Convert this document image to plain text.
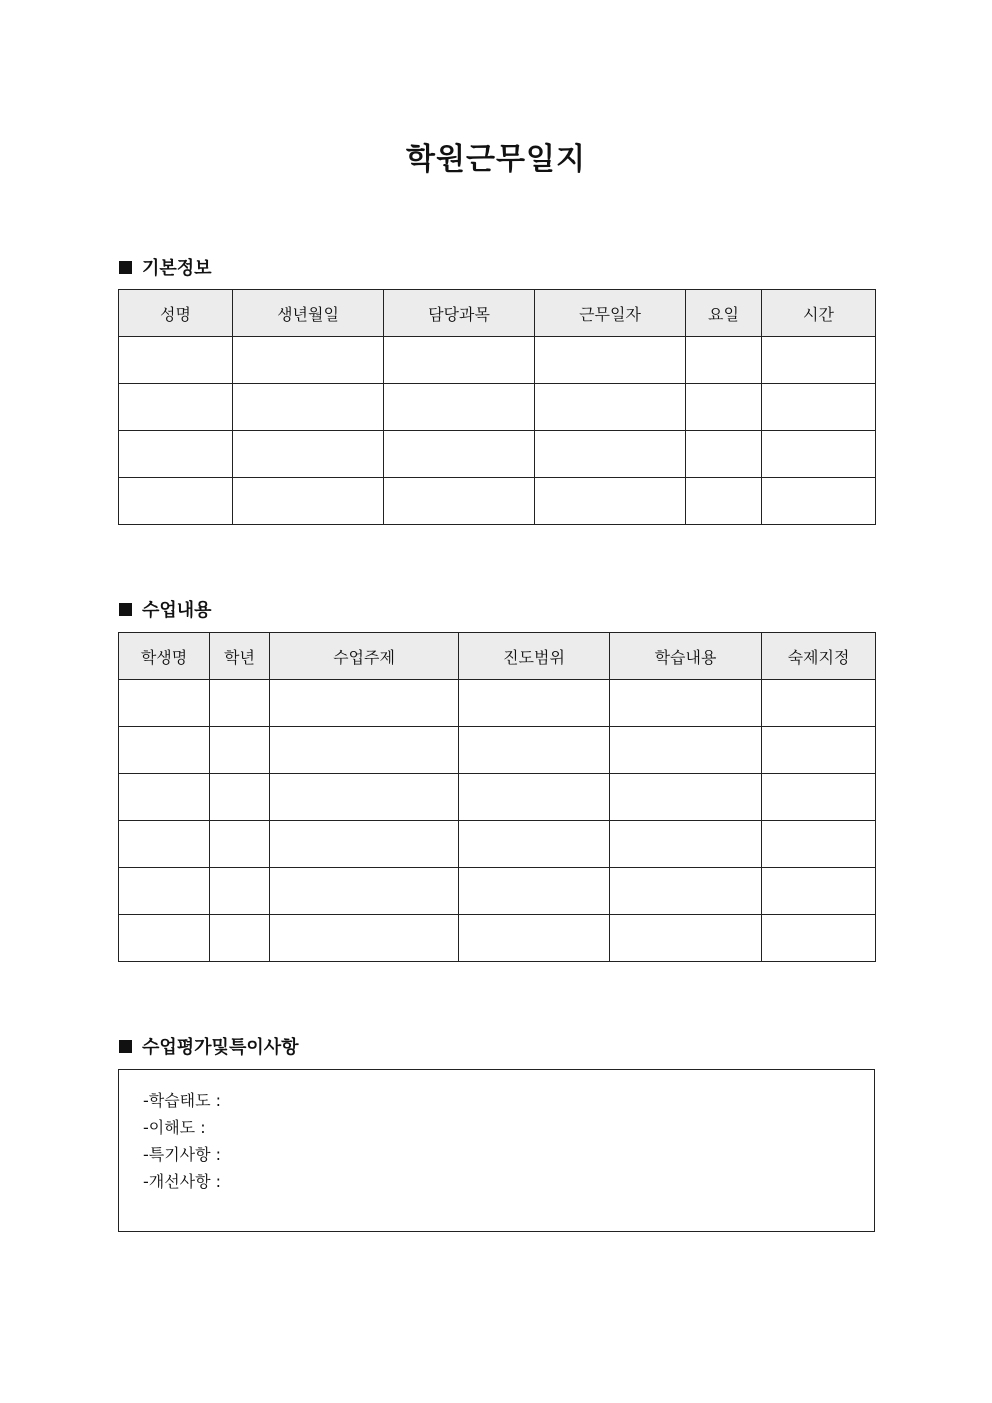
학원근무일지
기본정보
성명	생년월일	담당과목	근무일자	요일	시간

수업내용
학생명	학년	수업주제	진도범위	학습내용	숙제지정

수업평가및특이사항
-학습태도 :
-이해도 :
-특기사항 :
-개선사항 :
